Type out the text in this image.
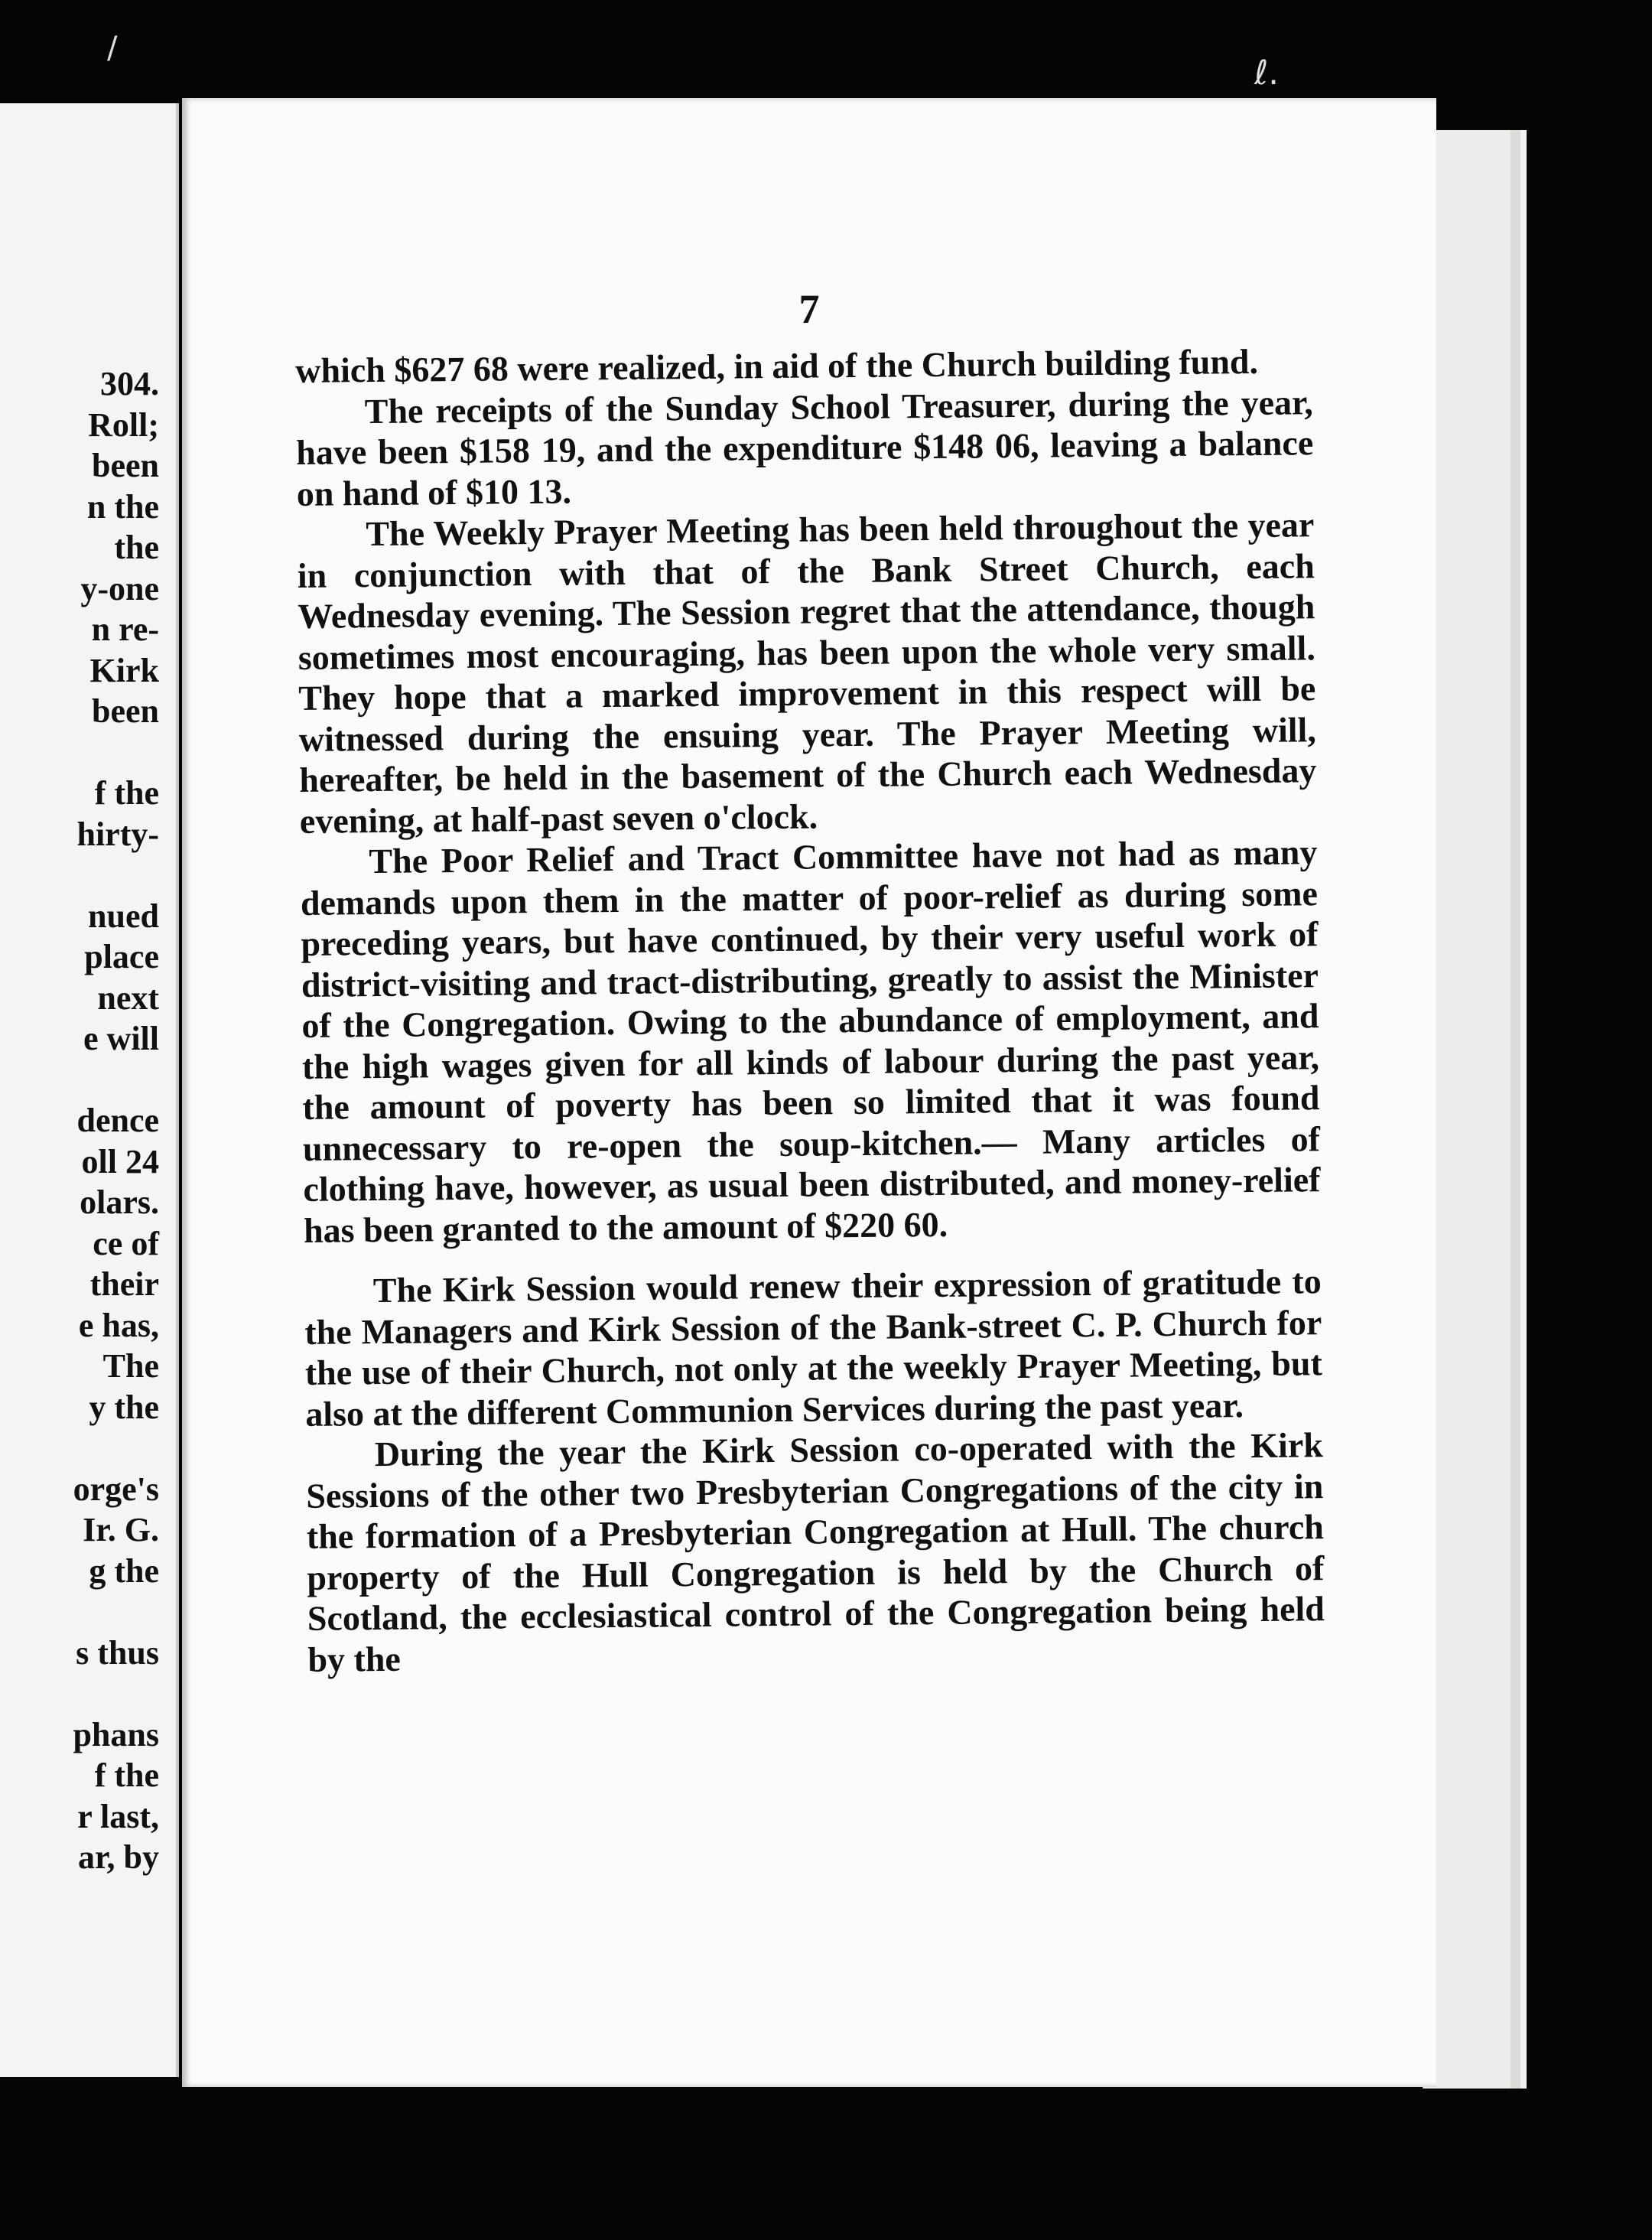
/
ℓ.
304.
Roll;
been
n the
the
y-one
n re-
Kirk
been
f the
hirty-
nued
place
next
e will
dence
oll 24
olars.
ce of
their
e has,
The
y the
orge's
Ir. G.
g the
s thus
phans
f the
r last,
ar, by
7

which $627 68 were realized, in aid of the Church building fund.

The receipts of the Sunday School Treasurer, during the year, have been $158 19, and the expenditure $148 06, leaving a balance on hand of $10 13.

The Weekly Prayer Meeting has been held throughout the year in conjunction with that of the Bank Street Church, each Wednesday evening. The Session regret that the attendance, though sometimes most encouraging, has been upon the whole very small. They hope that a marked improvement in this respect will be witnessed during the ensuing year. The Prayer Meeting will, hereafter, be held in the basement of the Church each Wednesday evening, at half-past seven o'clock.

The Poor Relief and Tract Committee have not had as many demands upon them in the matter of poor-relief as during some preceding years, but have continued, by their very useful work of district-visiting and tract-distributing, greatly to assist the Minister of the Congregation. Owing to the abundance of employment, and the high wages given for all kinds of labour during the past year, the amount of poverty has been so limited that it was found unnecessary to re-open the soup-kitchen.— Many articles of clothing have, however, as usual been distributed, and money-relief has been granted to the amount of $220 60.

The Kirk Session would renew their expression of gratitude to the Managers and Kirk Session of the Bank-street C. P. Church for the use of their Church, not only at the weekly Prayer Meeting, but also at the different Communion Services during the past year.

During the year the Kirk Session co-operated with the Kirk Sessions of the other two Presbyterian Congregations of the city in the formation of a Presbyterian Congregation at Hull. The church property of the Hull Congregation is held by the Church of Scotland, the ecclesiastical control of the Congregation being held by the
